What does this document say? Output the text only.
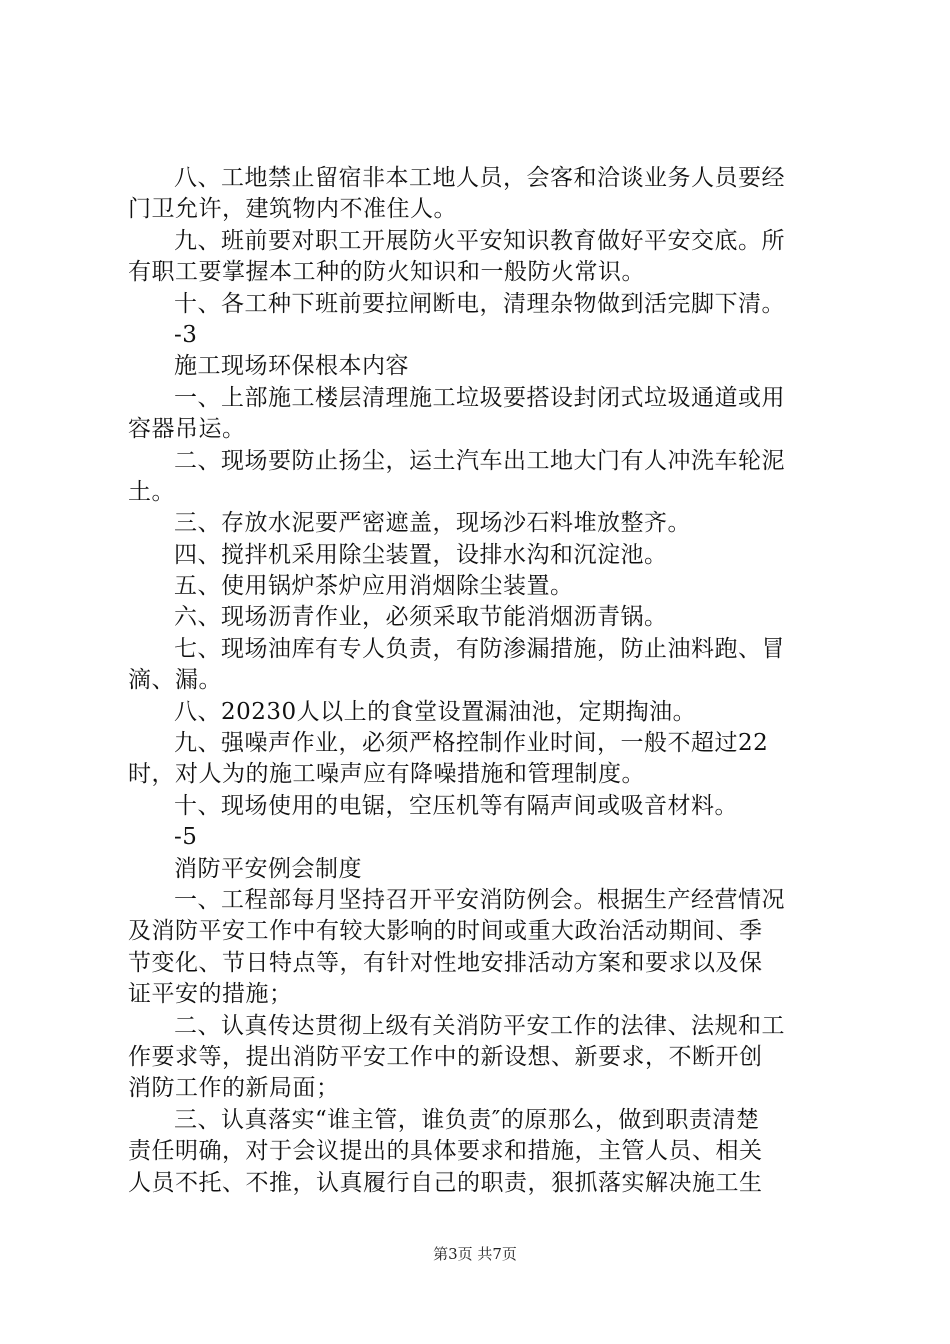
八、工地禁止留宿非本工地人员，会客和洽谈业务人员要经
门卫允许，建筑物内不准住人。
九、班前要对职工开展防火平安知识教育做好平安交底。所
有职工要掌握本工种的防火知识和一般防火常识。
十、各工种下班前要拉闸断电，清理杂物做到活完脚下清。
-3
施工现场环保根本内容
一、上部施工楼层清理施工垃圾要搭设封闭式垃圾通道或用
容器吊运。
二、现场要防止扬尘，运土汽车出工地大门有人冲洗车轮泥
土。
三、存放水泥要严密遮盖，现场沙石料堆放整齐。
四、搅拌机采用除尘装置，设排水沟和沉淀池。
五、使用锅炉茶炉应用消烟除尘装置。
六、现场沥青作业，必须采取节能消烟沥青锅。
七、现场油库有专人负责，有防渗漏措施，防止油料跑、冒
滴、漏。
八、20230人以上的食堂设置漏油池，定期掏油。
九、强噪声作业，必须严格控制作业时间，一般不超过22
时，对人为的施工噪声应有降噪措施和管理制度。
十、现场使用的电锯，空压机等有隔声间或吸音材料。
-5
消防平安例会制度
一、工程部每月坚持召开平安消防例会。根据生产经营情况
及消防平安工作中有较大影响的时间或重大政治活动期间、季
节变化、节日特点等，有针对性地安排活动方案和要求以及保
证平安的措施；
二、认真传达贯彻上级有关消防平安工作的法律、法规和工
作要求等，提出消防平安工作中的新设想、新要求，不断开创
消防工作的新局面；
三、认真落实“谁主管，谁负责″的原那么，做到职责清楚
责任明确，对于会议提出的具体要求和措施，主管人员、相关
人员不托、不推，认真履行自己的职责，狠抓落实解决施工生
第3页 共7页
